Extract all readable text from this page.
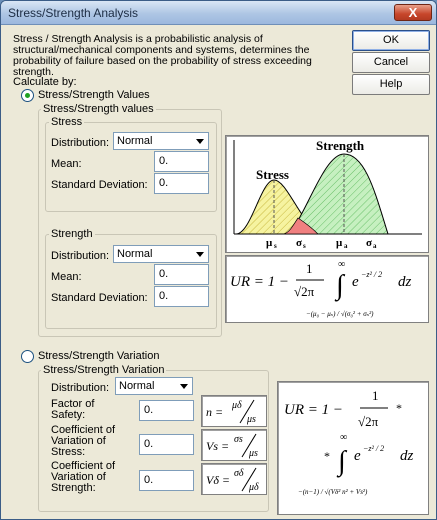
Stress/Strength Analysis	X
Stress / Strength Analysis is a probabilistic analysis of structural/mechanical components and systems, determines the probability of failure based on the probability of stress exceeding strength.
OK
Cancel
Help
Calculate by:
Stress/Strength Values
Stress/Strength values
Stress
Distribution: Normal
Mean:	0.
Standard Deviation:	0.
Strength
Distribution: Normal
Mean:	0.
Standard Deviation:	0.
Stress
Strength
μ s σ s	μ a σ a
UR = 1 −
1
√2π
∞
∫ e −z² / 2 dz
−(μ₀ − μₛ) / √(σ₀² + σₛ²)
Stress/Strength Variation
Stress/Strength Variation
Distribution: Normal
Factor of Safety:	0.
Coefficient of Variation of Stress:
0.
Coefficient of Variation of Strength:
0.
n = μδ
μs
Vs = σs
μs
Vδ = σδ
μδ
UR = 1 −
1
√2π
*
*
∞
∫ e −z² / 2 dz
−(n−1) / √(Vδ² n² + Vs²)
